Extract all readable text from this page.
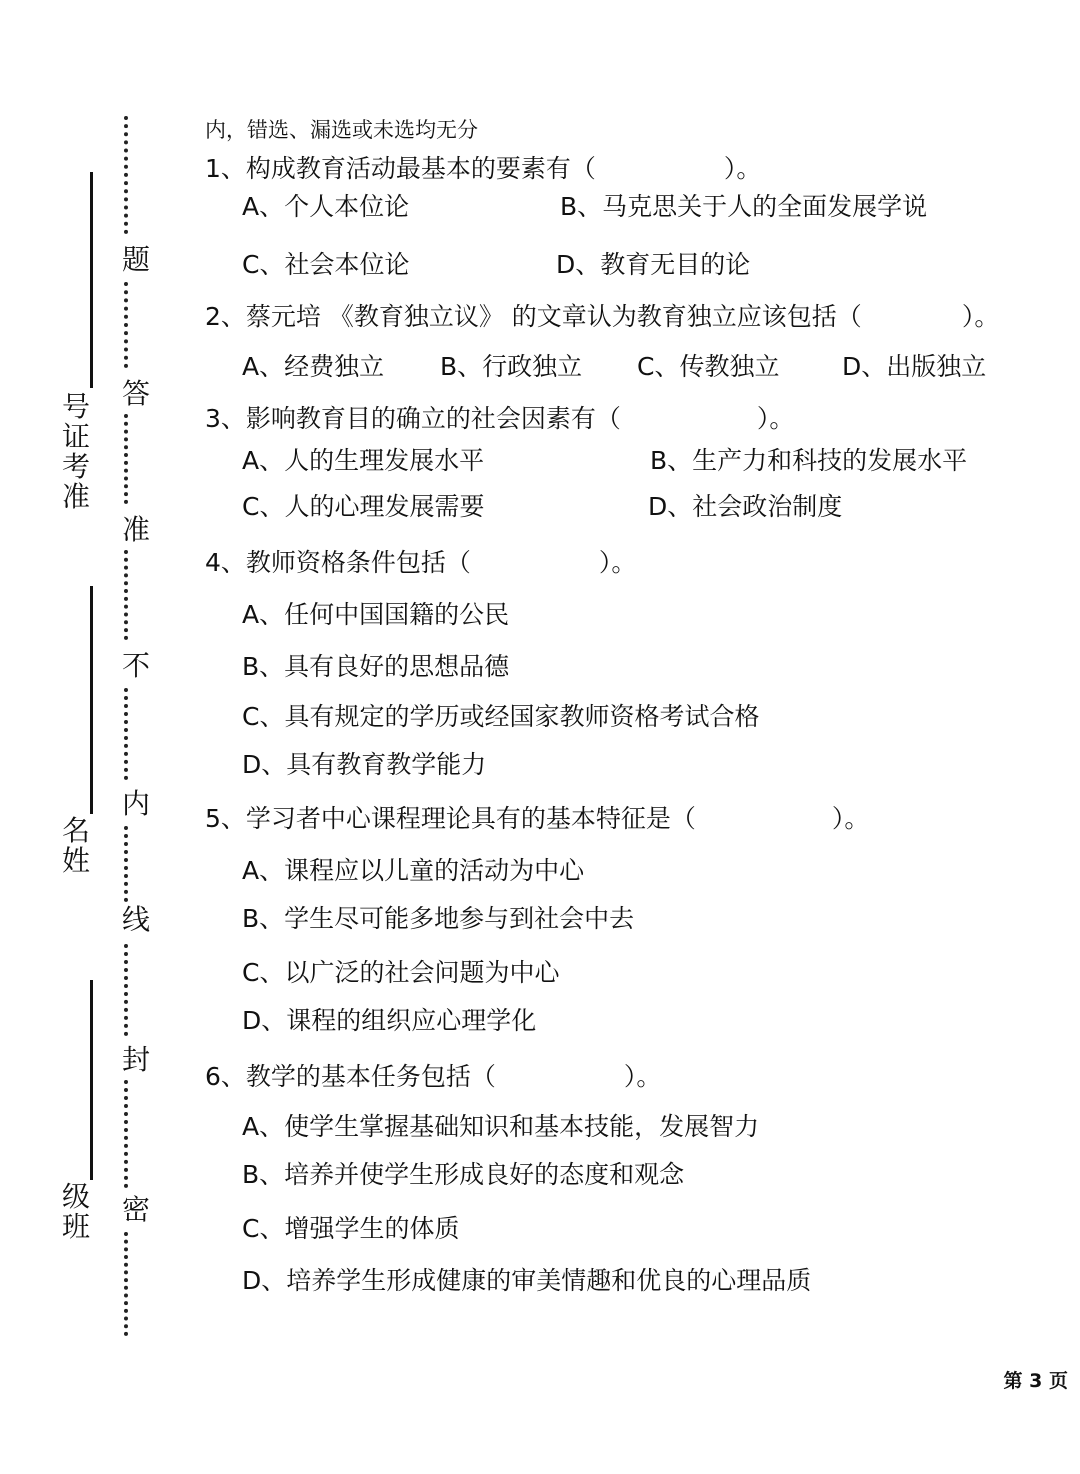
号证考准
名姓
级班
题
答
准
不
内
线
封
密
内，错选、漏选或未选均无分
1、构成教育活动最基本的要素有（	）。
A、个人本位论	B、马克思关于人的全面发展学说
C、社会本位论	D、教育无目的论
2、蔡元培 《教育独立议》 的文章认为教育独立应该包括（	）。
A、经费独立 B、行政独立 C、传教独立	D、出版独立
3、影响教育目的确立的社会因素有（	）。
A、人的生理发展水平	B、生产力和科技的发展水平
C、人的心理发展需要	D、社会政治制度
4、教师资格条件包括（	）。
A、任何中国国籍的公民
B、具有良好的思想品德
C、具有规定的学历或经国家教师资格考试合格
D、具有教育教学能力
5、学习者中心课程理论具有的基本特征是（	）。
A、课程应以儿童的活动为中心
B、学生尽可能多地参与到社会中去
C、以广泛的社会问题为中心
D、课程的组织应心理学化
6、教学的基本任务包括（	）。
A、使学生掌握基础知识和基本技能，发展智力
B、培养并使学生形成良好的态度和观念
C、增强学生的体质
D、培养学生形成健康的审美情趣和优良的心理品质
第 3 页
